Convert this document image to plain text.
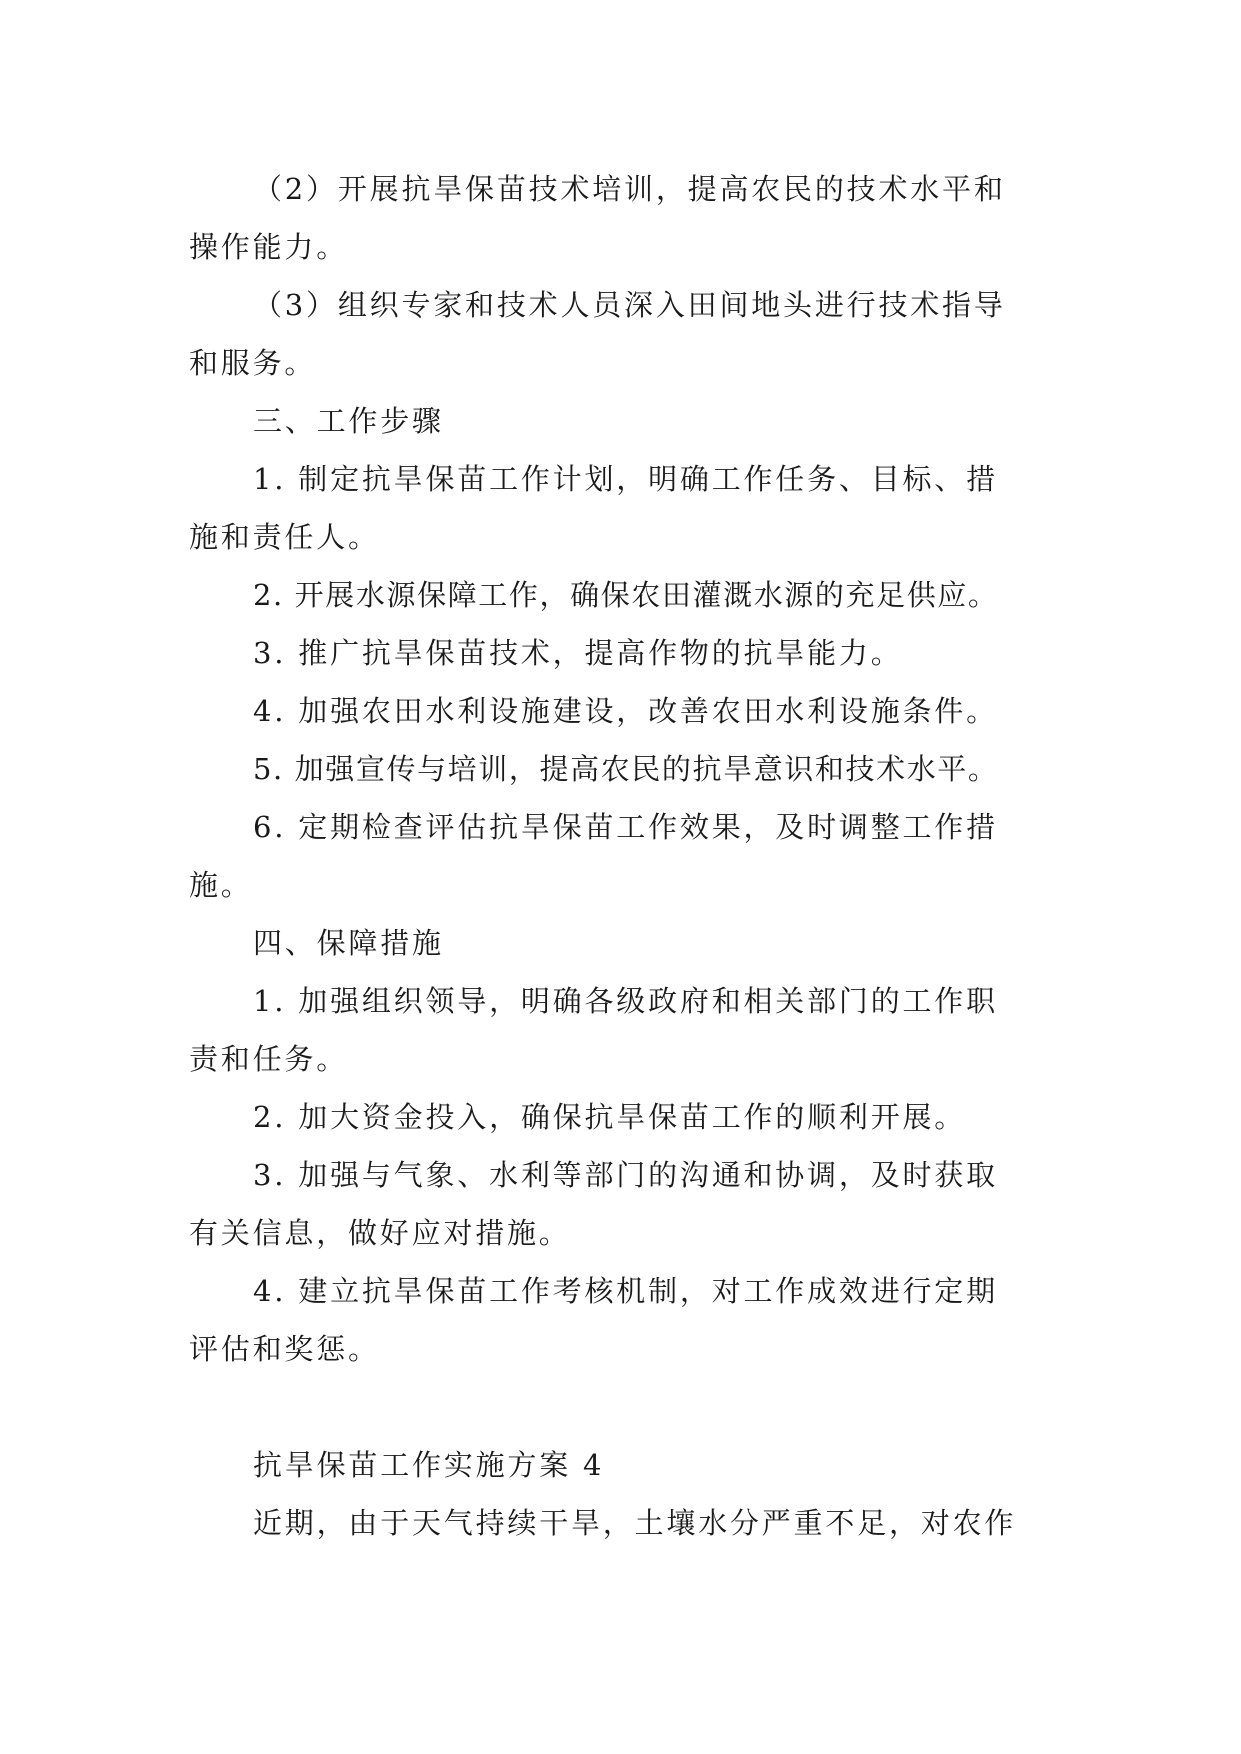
（2）开展抗旱保苗技术培训，提高农民的技术水平和
操作能力。
（3）组织专家和技术人员深入田间地头进行技术指导
和服务。
三、工作步骤
1. 制定抗旱保苗工作计划，明确工作任务、目标、措
施和责任人。
2. 开展水源保障工作，确保农田灌溉水源的充足供应。
3. 推广抗旱保苗技术，提高作物的抗旱能力。
4. 加强农田水利设施建设，改善农田水利设施条件。
5. 加强宣传与培训，提高农民的抗旱意识和技术水平。
6. 定期检查评估抗旱保苗工作效果，及时调整工作措
施。
四、保障措施
1. 加强组织领导，明确各级政府和相关部门的工作职
责和任务。
2. 加大资金投入，确保抗旱保苗工作的顺利开展。
3. 加强与气象、水利等部门的沟通和协调，及时获取
有关信息，做好应对措施。
4. 建立抗旱保苗工作考核机制，对工作成效进行定期
评估和奖惩。
抗旱保苗工作实施方案 4
近期，由于天气持续干旱，土壤水分严重不足，对农作
